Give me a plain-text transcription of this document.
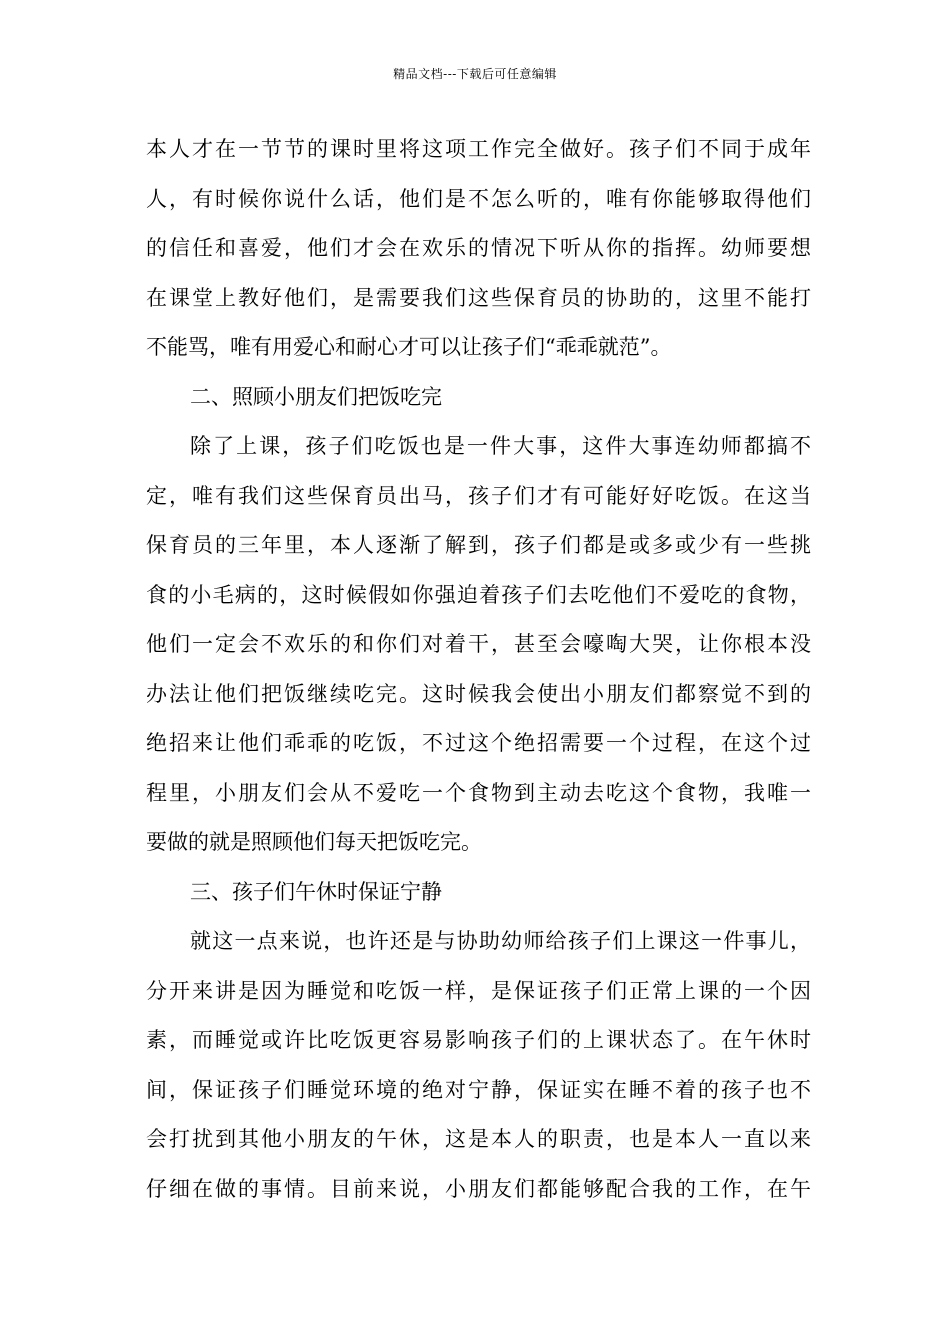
精品文档---下载后可任意编辑
本人才在一节节的课时里将这项工作完全做好。孩子们不同于成年
人，有时候你说什么话，他们是不怎么听的，唯有你能够取得他们
的信任和喜爱，他们才会在欢乐的情况下听从你的指挥。幼师要想
在课堂上教好他们，是需要我们这些保育员的协助的，这里不能打
不能骂，唯有用爱心和耐心才可以让孩子们“乖乖就范”。
二、照顾小朋友们把饭吃完
除了上课，孩子们吃饭也是一件大事，这件大事连幼师都搞不
定，唯有我们这些保育员出马，孩子们才有可能好好吃饭。在这当
保育员的三年里，本人逐渐了解到，孩子们都是或多或少有一些挑
食的小毛病的，这时候假如你强迫着孩子们去吃他们不爱吃的食物，
他们一定会不欢乐的和你们对着干，甚至会嚎啕大哭，让你根本没
办法让他们把饭继续吃完。这时候我会使出小朋友们都察觉不到的
绝招来让他们乖乖的吃饭，不过这个绝招需要一个过程，在这个过
程里，小朋友们会从不爱吃一个食物到主动去吃这个食物，我唯一
要做的就是照顾他们每天把饭吃完。
三、孩子们午休时保证宁静
就这一点来说，也许还是与协助幼师给孩子们上课这一件事儿，
分开来讲是因为睡觉和吃饭一样，是保证孩子们正常上课的一个因
素，而睡觉或许比吃饭更容易影响孩子们的上课状态了。在午休时
间，保证孩子们睡觉环境的绝对宁静，保证实在睡不着的孩子也不
会打扰到其他小朋友的午休，这是本人的职责，也是本人一直以来
仔细在做的事情。目前来说，小朋友们都能够配合我的工作，在午
